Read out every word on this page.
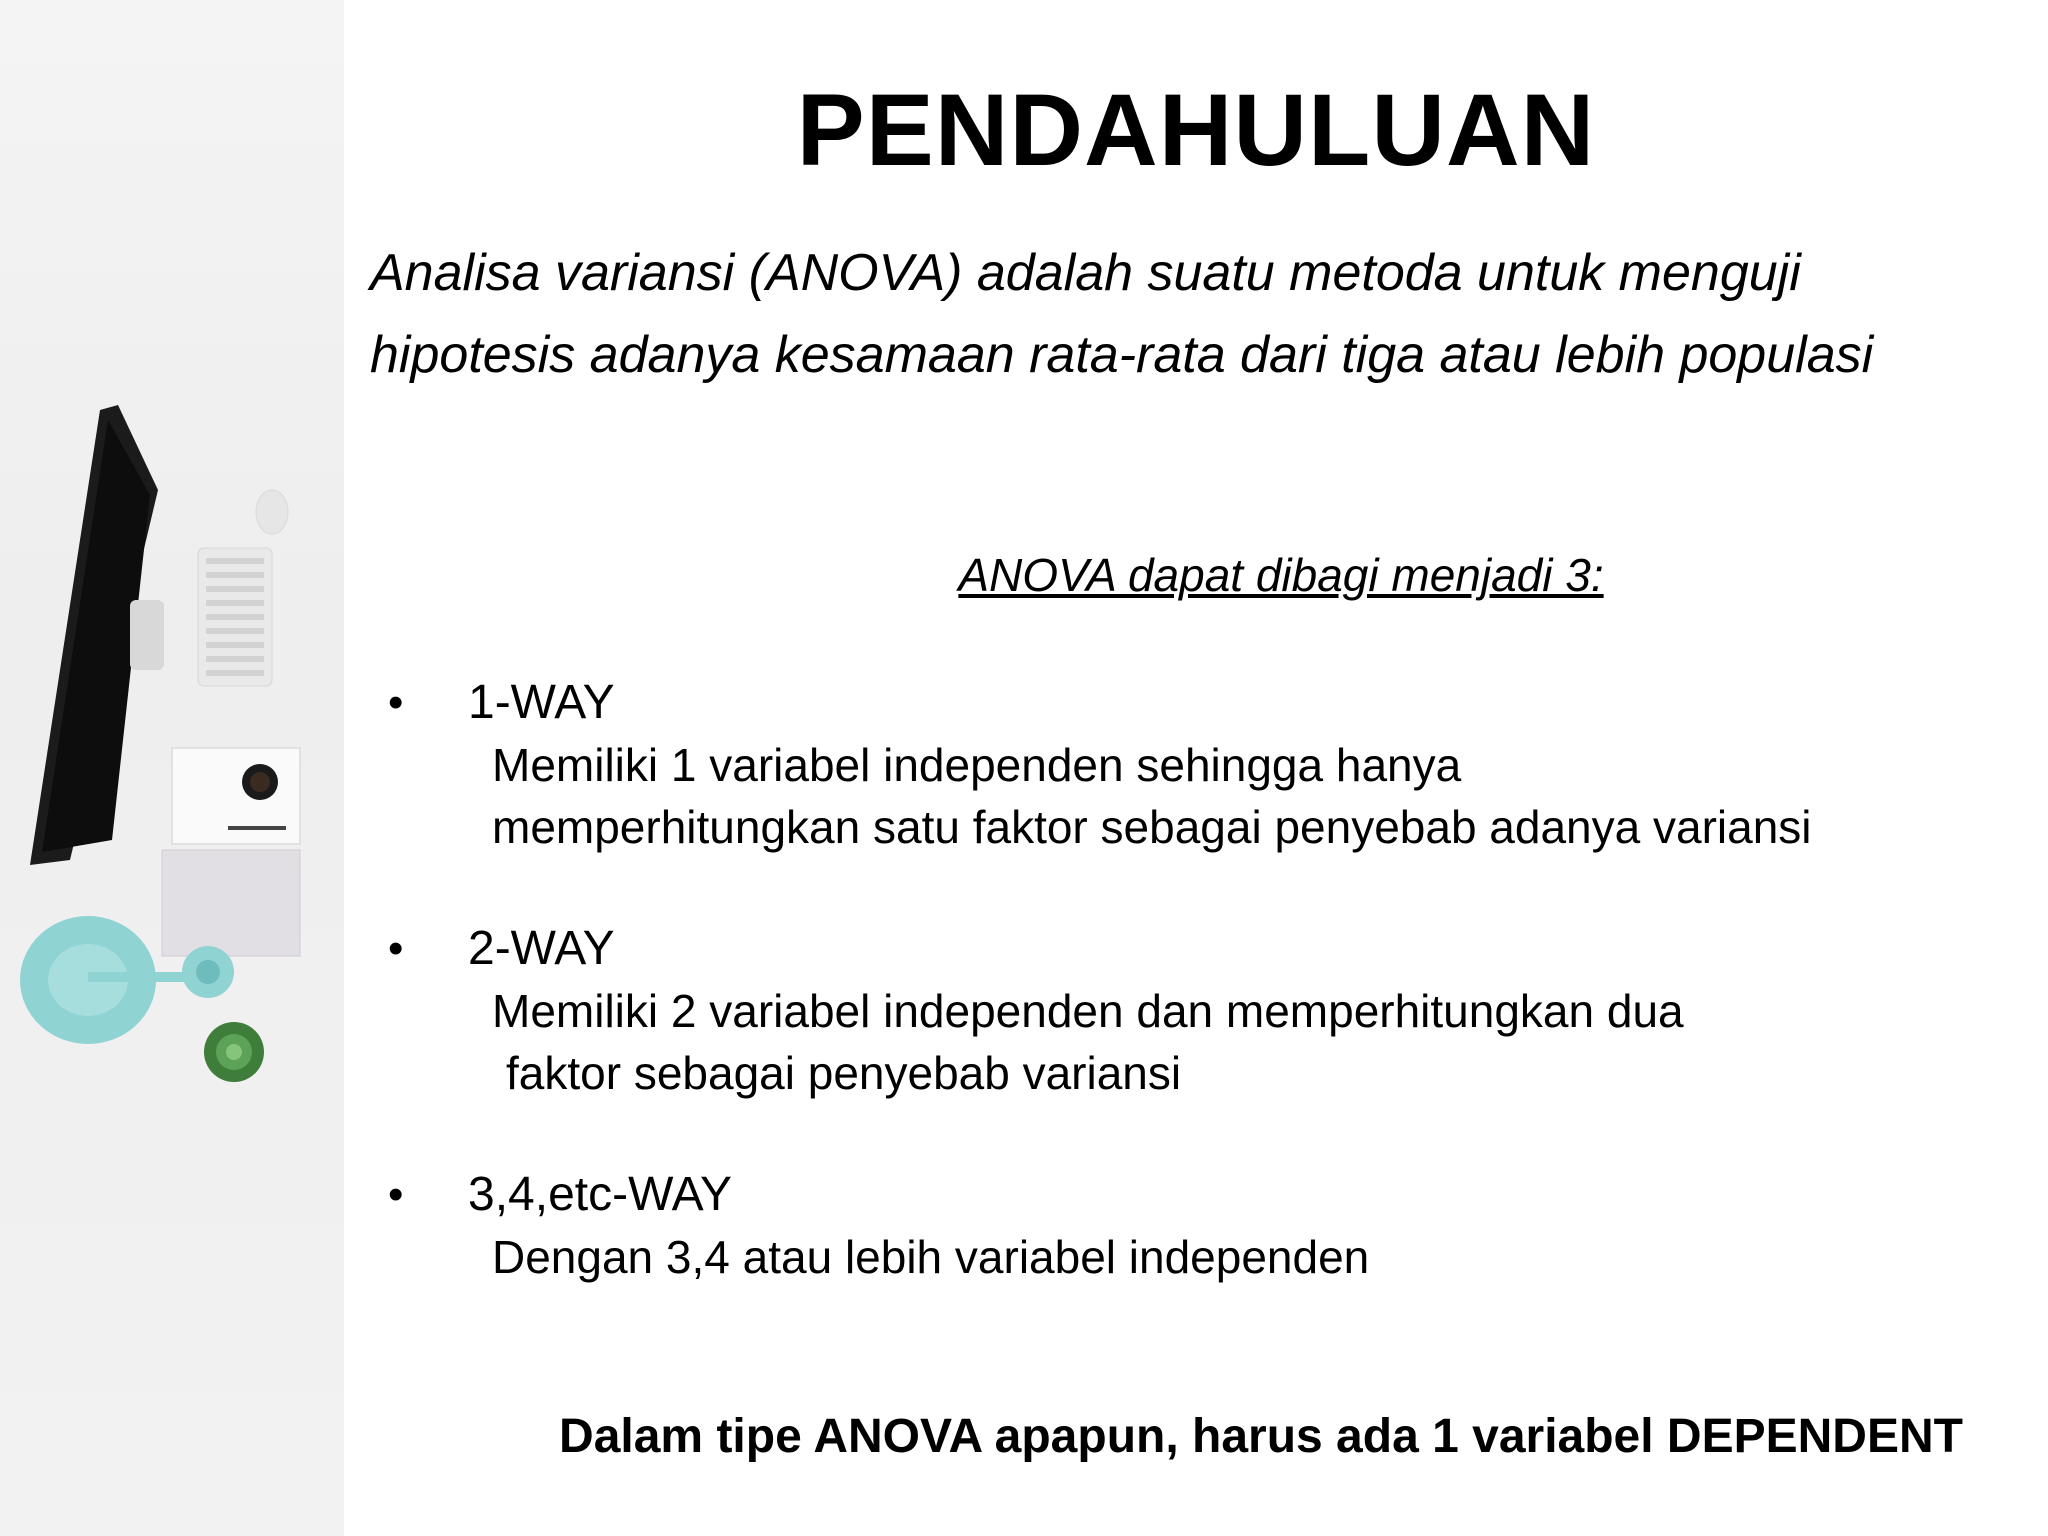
PENDAHULUAN
Analisa variansi (ANOVA) adalah suatu metoda untuk menguji hipotesis adanya kesamaan rata-rata dari tiga atau lebih populasi
ANOVA dapat dibagi menjadi 3:
• 1-WAY
Memiliki 1 variabel independen sehingga hanya
memperhitungkan satu faktor sebagai penyebab adanya variansi
• 2-WAY
Memiliki 2 variabel independen dan memperhitungkan dua
faktor sebagai penyebab variansi
• 3,4,etc-WAY
Dengan 3,4 atau lebih variabel independen
Dalam tipe ANOVA apapun, harus ada 1 variabel DEPENDENT
